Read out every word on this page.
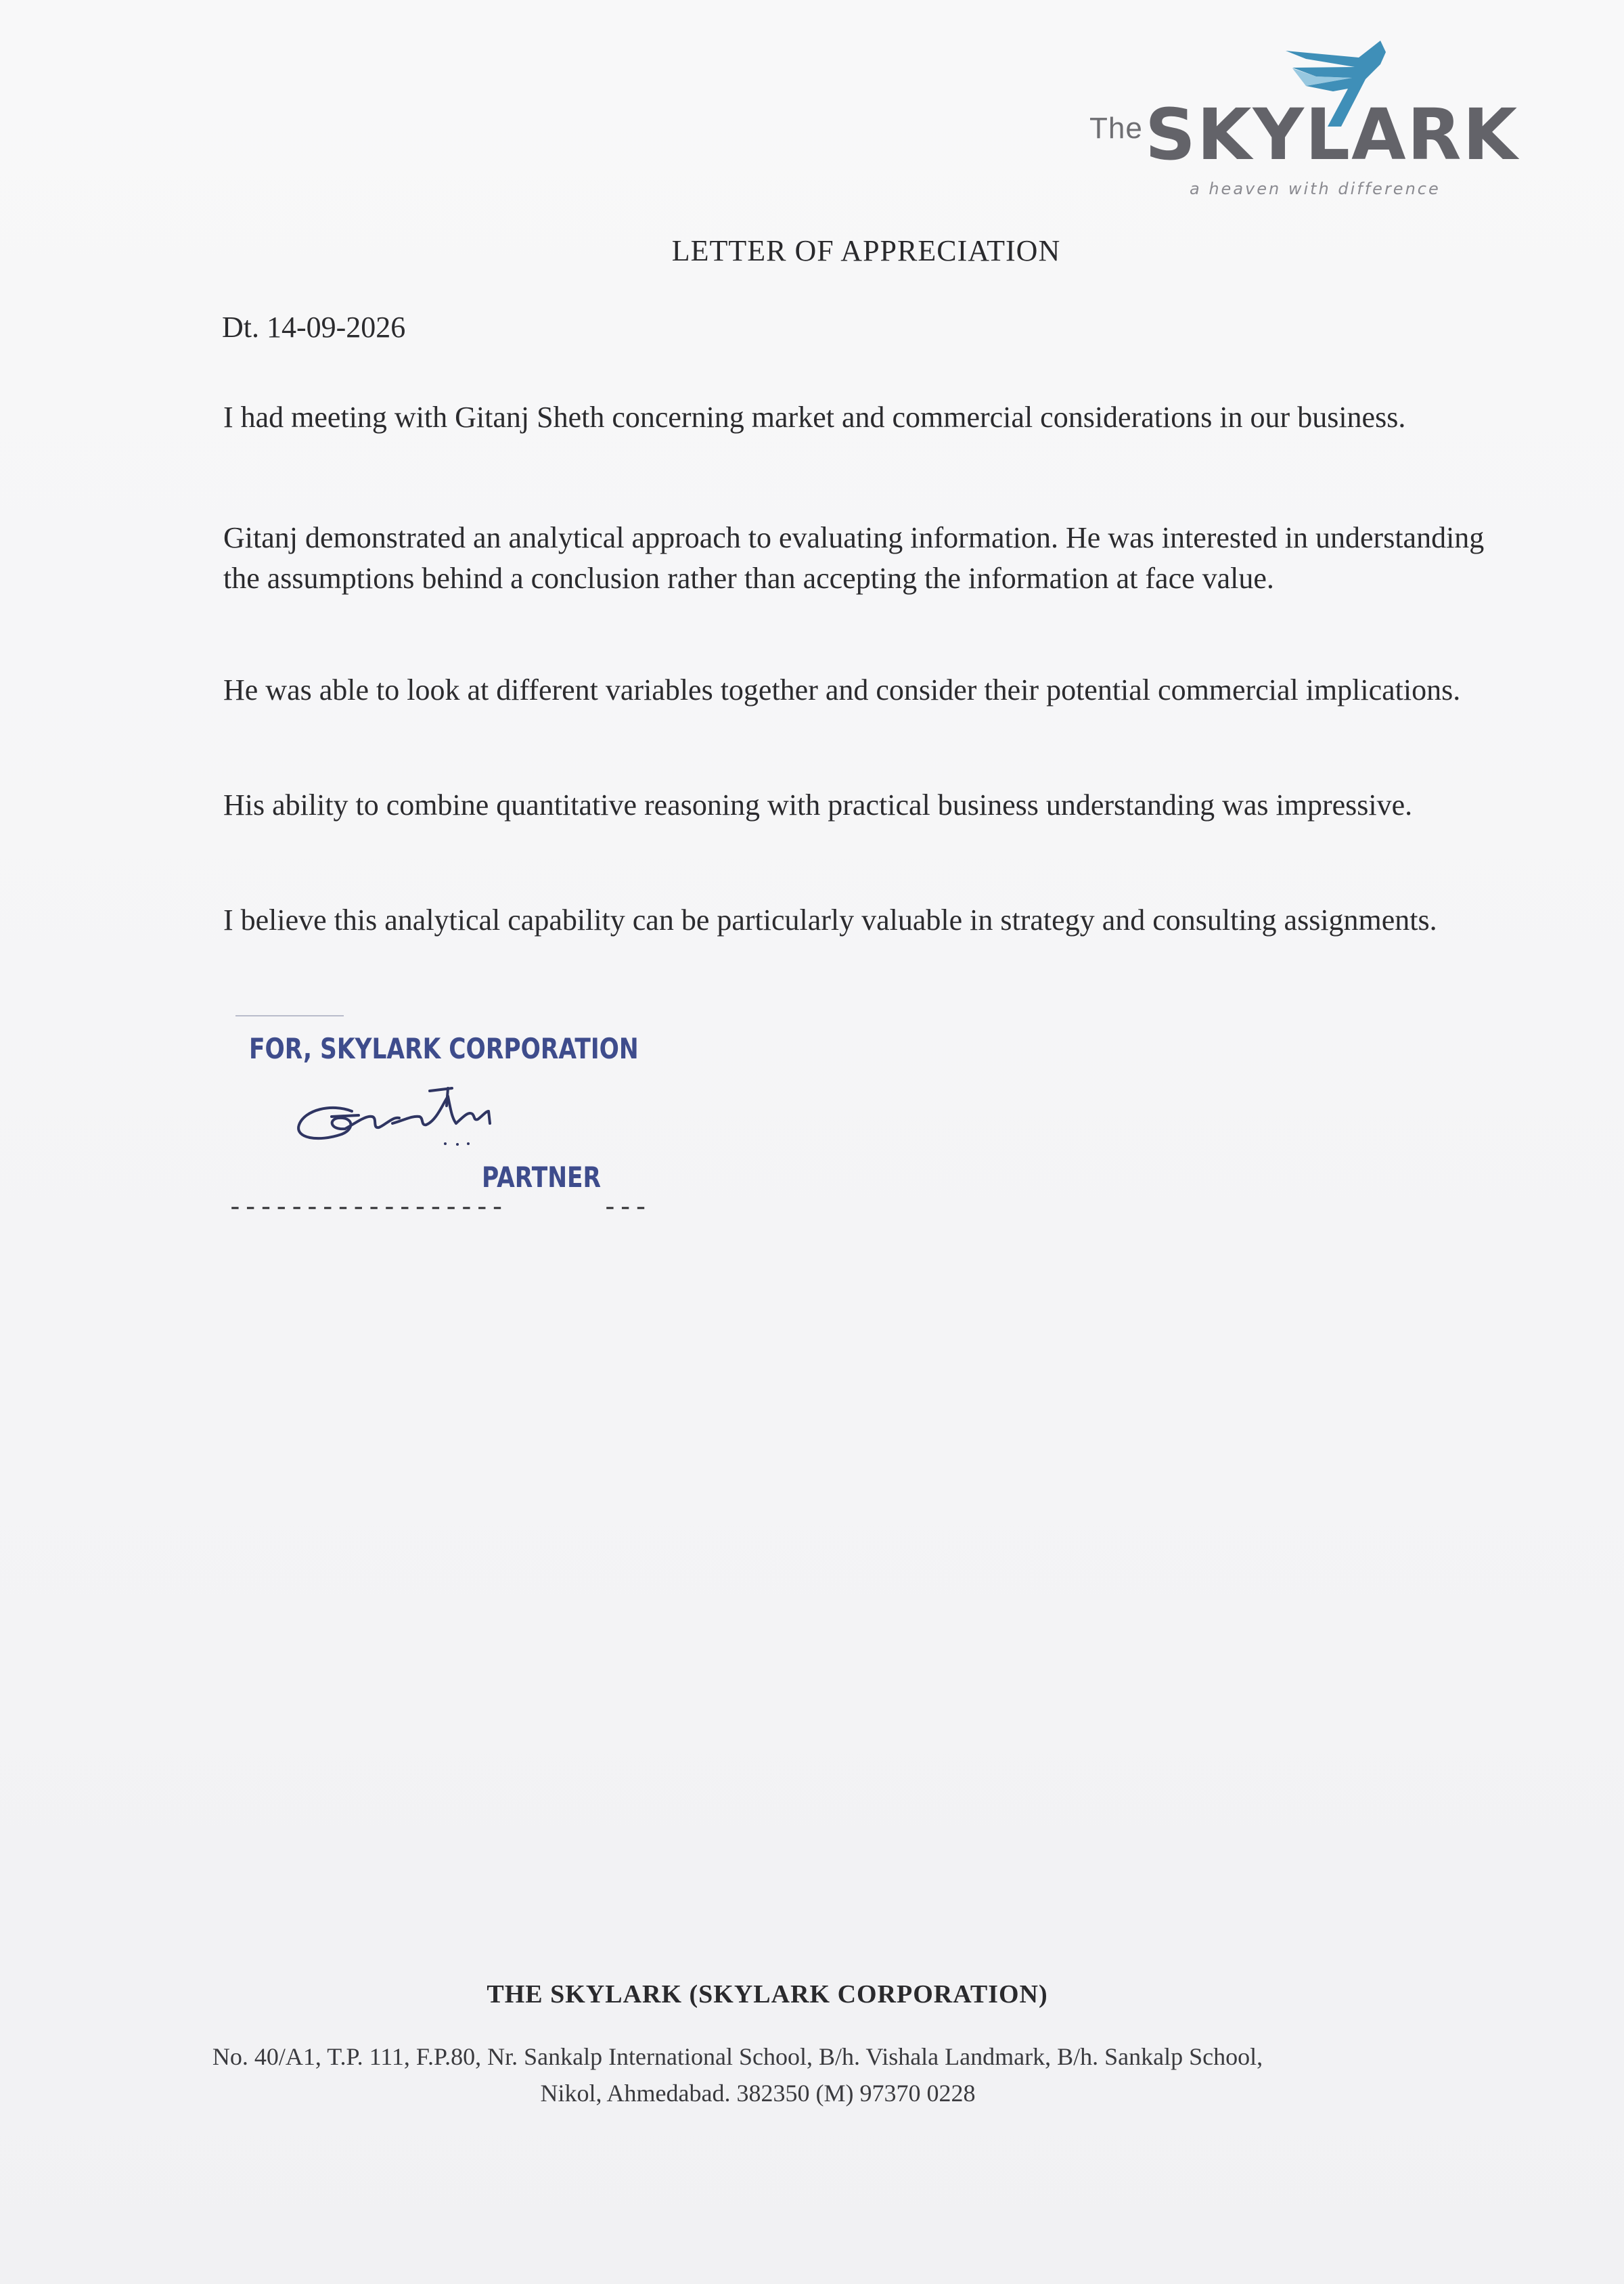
The SKYLARK
a heaven with difference
LETTER OF APPRECIATION
Dt. 14-09-2026
I had meeting with Gitanj Sheth concerning market and commercial considerations in our business.
Gitanj demonstrated an analytical approach to evaluating information. He was interested in understanding the assumptions behind a conclusion rather than accepting the information at face value.
He was able to look at different variables together and consider their potential commercial implications.
His ability to combine quantitative reasoning with practical business understanding was impressive.
I believe this analytical capability can be particularly valuable in strategy and consulting assignments.
FOR, SKYLARK CORPORATION
PARTNER
------------------	---
THE SKYLARK (SKYLARK CORPORATION)
No. 40/A1, T.P. 111, F.P.80, Nr. Sankalp International School, B/h. Vishala Landmark, B/h. Sankalp School,
Nikol, Ahmedabad. 382350 (M) 97370 0228
